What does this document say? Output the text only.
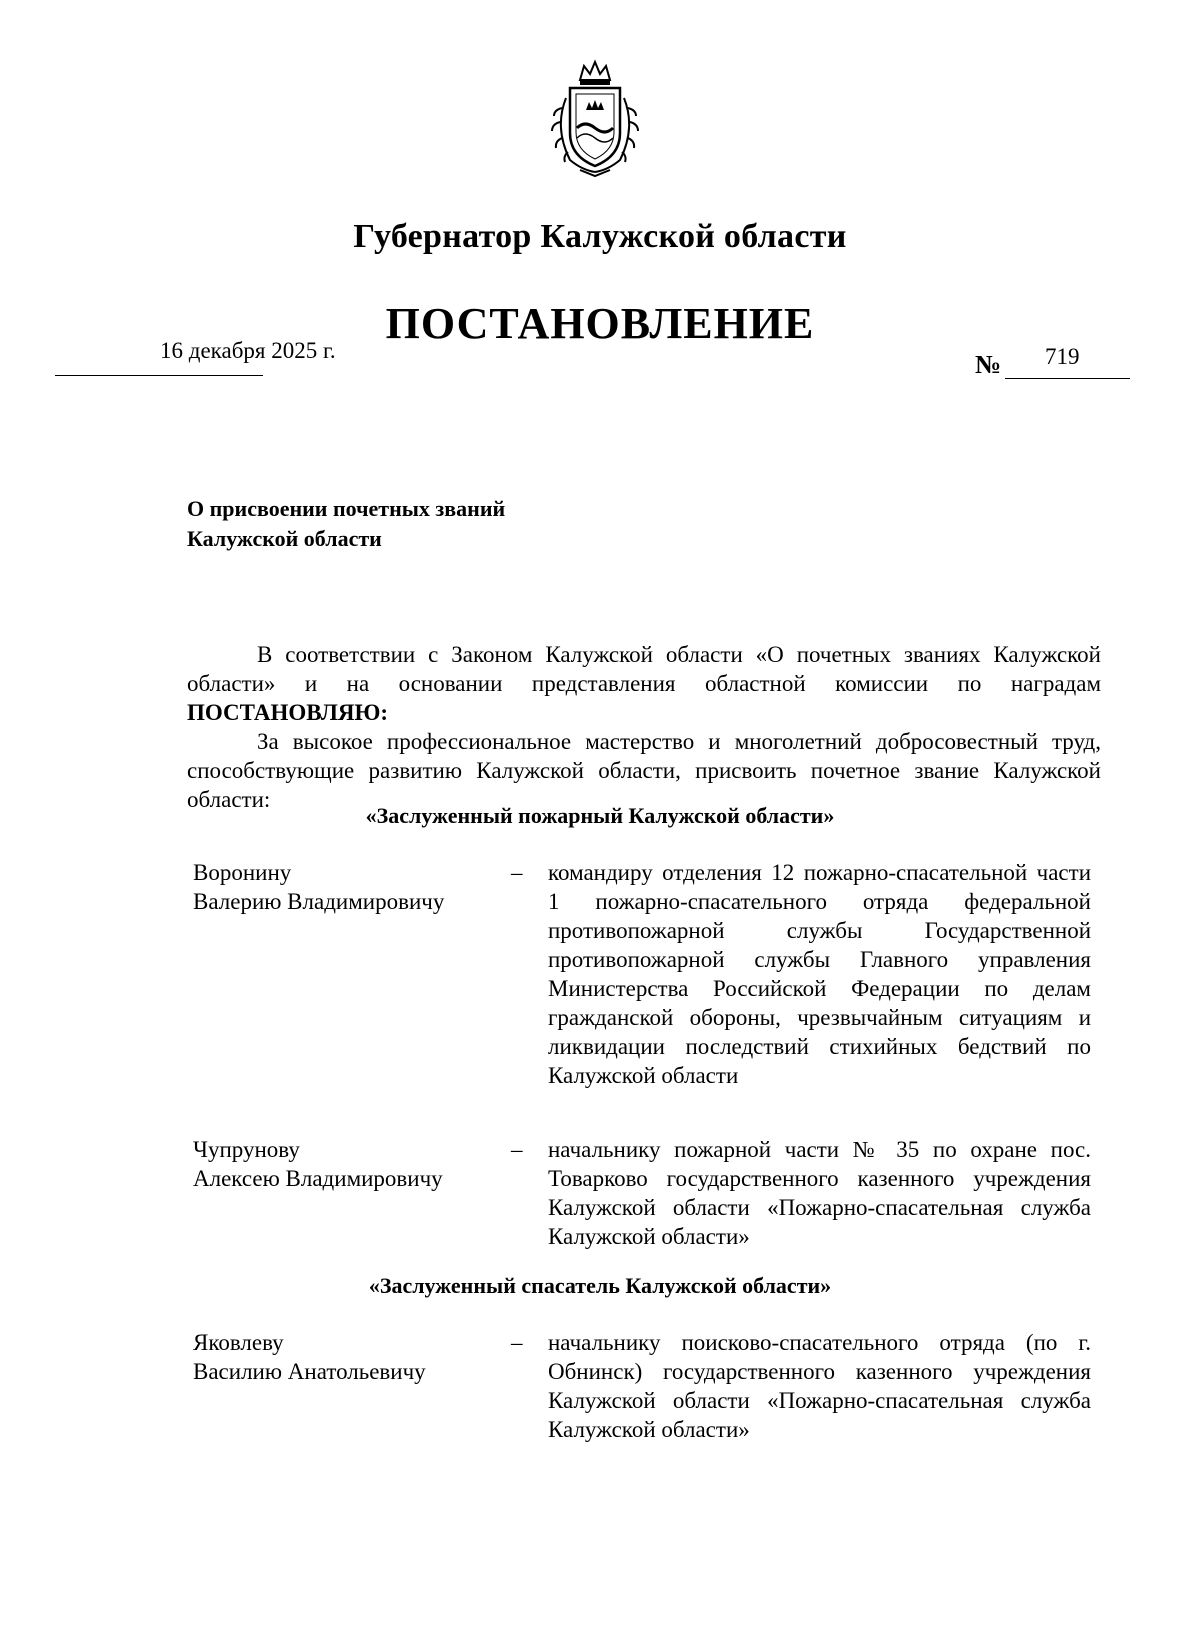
Губернатор Калужской области
ПОСТАНОВЛЕНИЕ
16 декабря 2025 г.	№ 719
О присвоении почетных званий
Калужской области

В соответствии с Законом Калужской области «О почетных званиях Калужской области» и на основании представления областной комиссии по наградам ПОСТАНОВЛЯЮ:

За высокое профессиональное мастерство и многолетний добросовестный труд, способствующие развитию Калужской области, присвоить почетное звание Калужской области:

«Заслуженный пожарный Калужской области»
Воронину
Валерию Владимировичу
– командиру отделения 12 пожарно-спасательной части 1 пожарно-спасательного отряда федеральной противопожарной службы Государственной противопожарной службы Главного управления Министерства Российской Федерации по делам гражданской обороны, чрезвычайным ситуациям и ликвидации последствий стихийных бедствий по Калужской области
Чупрунову
Алексею Владимировичу
– начальнику пожарной части № 35 по охране пос. Товарково государственного казенного учреждения Калужской области «Пожарно-спасательная служба Калужской области»
«Заслуженный спасатель Калужской области»
Яковлеву
Василию Анатольевичу
– начальнику поисково-спасательного отряда (по г. Обнинск) государственного казенного учреждения Калужской области «Пожарно-спасательная служба Калужской области»
